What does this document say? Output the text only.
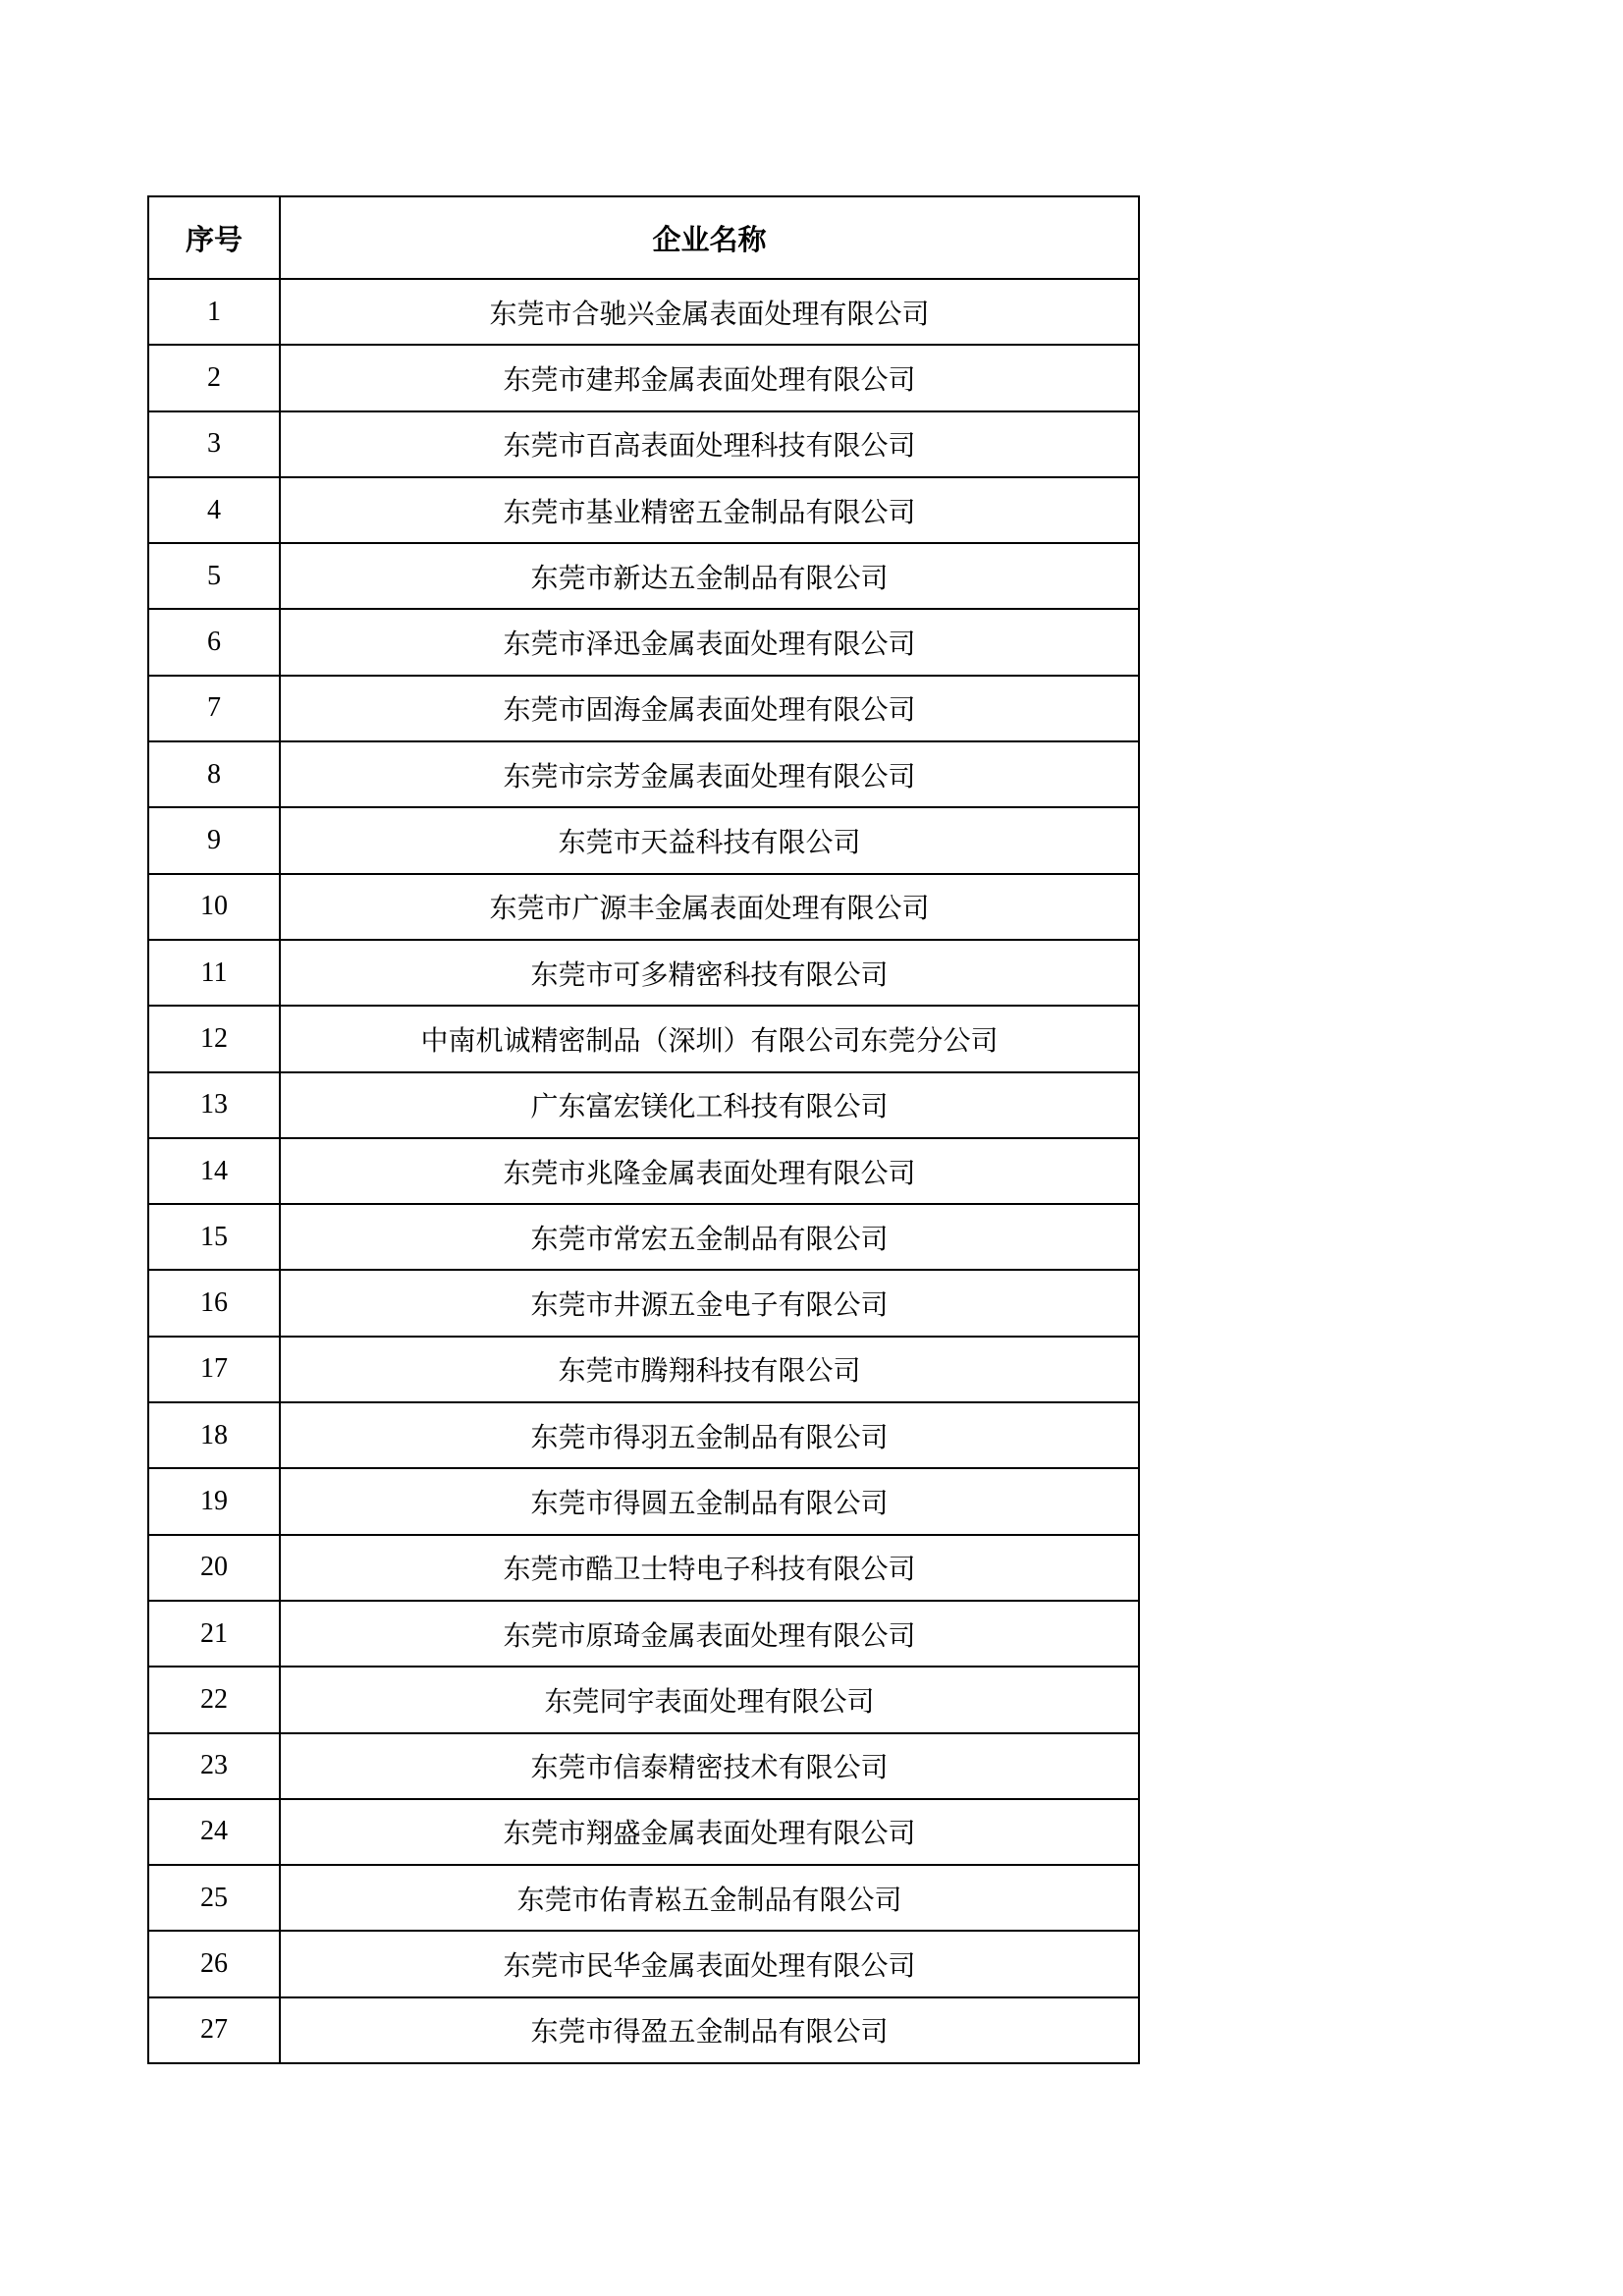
序号	企业名称
1	东莞市合驰兴金属表面处理有限公司
2	东莞市建邦金属表面处理有限公司
3	东莞市百高表面处理科技有限公司
4	东莞市基业精密五金制品有限公司
5	东莞市新达五金制品有限公司
6	东莞市泽迅金属表面处理有限公司
7	东莞市固海金属表面处理有限公司
8	东莞市宗芳金属表面处理有限公司
9	东莞市天益科技有限公司
10	东莞市广源丰金属表面处理有限公司
11	东莞市可多精密科技有限公司
12	中南机诚精密制品（深圳）有限公司东莞分公司
13	广东富宏镁化工科技有限公司
14	东莞市兆隆金属表面处理有限公司
15	东莞市常宏五金制品有限公司
16	东莞市井源五金电子有限公司
17	东莞市腾翔科技有限公司
18	东莞市得羽五金制品有限公司
19	东莞市得圆五金制品有限公司
20	东莞市酷卫士特电子科技有限公司
21	东莞市原琦金属表面处理有限公司
22	东莞同宇表面处理有限公司
23	东莞市信泰精密技术有限公司
24	东莞市翔盛金属表面处理有限公司
25	东莞市佑青崧五金制品有限公司
26	东莞市民华金属表面处理有限公司
27	东莞市得盈五金制品有限公司
